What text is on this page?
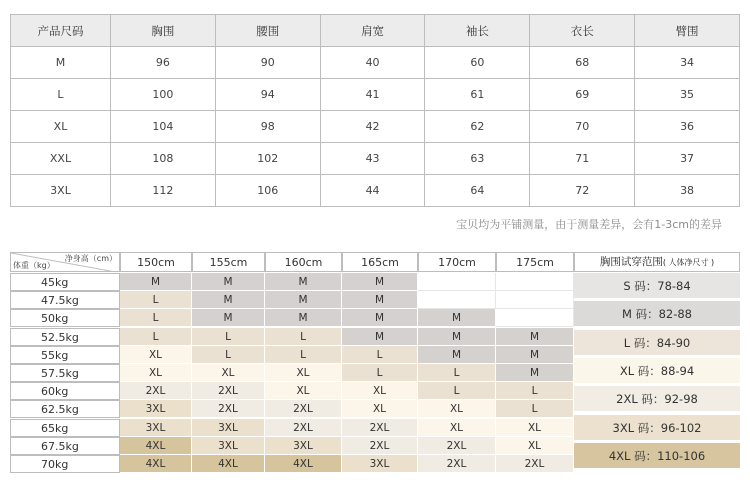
产品尺码	胸围	腰围	肩宽	袖长	衣长	臂围
M	96	90	40	60	68	34
L	100	94	41	61	69	35
XL	104	98	42	62	70	36
XXL	108	102	43	63	71	37
3XL	112	106	44	64	72	38
宝贝均为平铺测量，由于测量差异，会有1-3cm的差异
净身高（cm）
体重（kg）	胸围试穿范围( 人体净尺寸 )
150cm	155cm	160cm	165cm	170cm	175cm
45kg	M	M	M	M
47.5kg	L	M	M	M
50kg	L	M	M	M	M
52.5kg	L	L	L	M	M	M
55kg	XL	L	L	L	M	M
57.5kg	XL	XL	XL	L	L	M
60kg	2XL	2XL	XL	XL	L	L
62.5kg	3XL	2XL	2XL	XL	XL	L
65kg	3XL	3XL	2XL	2XL	XL	XL
67.5kg	4XL	3XL	3XL	2XL	2XL	XL
70kg	4XL	4XL	4XL	3XL	2XL	2XL
S 码：78-84
M 码：82-88
L 码：84-90
XL 码：88-94
2XL 码：92-98
3XL 码：96-102
4XL 码：110-106
